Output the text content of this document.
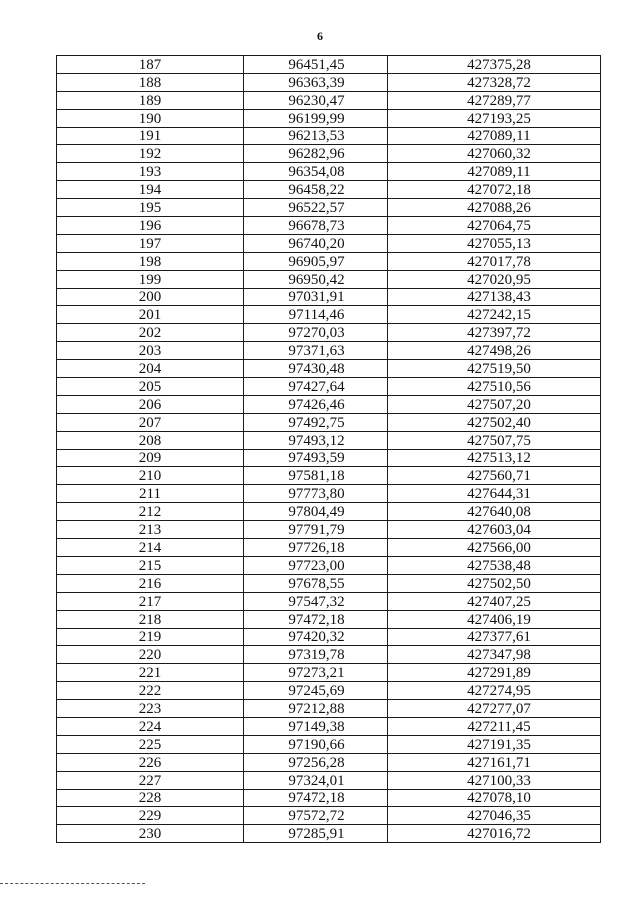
6
187	96451,45	427375,28
188	96363,39	427328,72
189	96230,47	427289,77
190	96199,99	427193,25
191	96213,53	427089,11
192	96282,96	427060,32
193	96354,08	427089,11
194	96458,22	427072,18
195	96522,57	427088,26
196	96678,73	427064,75
197	96740,20	427055,13
198	96905,97	427017,78
199	96950,42	427020,95
200	97031,91	427138,43
201	97114,46	427242,15
202	97270,03	427397,72
203	97371,63	427498,26
204	97430,48	427519,50
205	97427,64	427510,56
206	97426,46	427507,20
207	97492,75	427502,40
208	97493,12	427507,75
209	97493,59	427513,12
210	97581,18	427560,71
211	97773,80	427644,31
212	97804,49	427640,08
213	97791,79	427603,04
214	97726,18	427566,00
215	97723,00	427538,48
216	97678,55	427502,50
217	97547,32	427407,25
218	97472,18	427406,19
219	97420,32	427377,61
220	97319,78	427347,98
221	97273,21	427291,89
222	97245,69	427274,95
223	97212,88	427277,07
224	97149,38	427211,45
225	97190,66	427191,35
226	97256,28	427161,71
227	97324,01	427100,33
228	97472,18	427078,10
229	97572,72	427046,35
230	97285,91	427016,72
